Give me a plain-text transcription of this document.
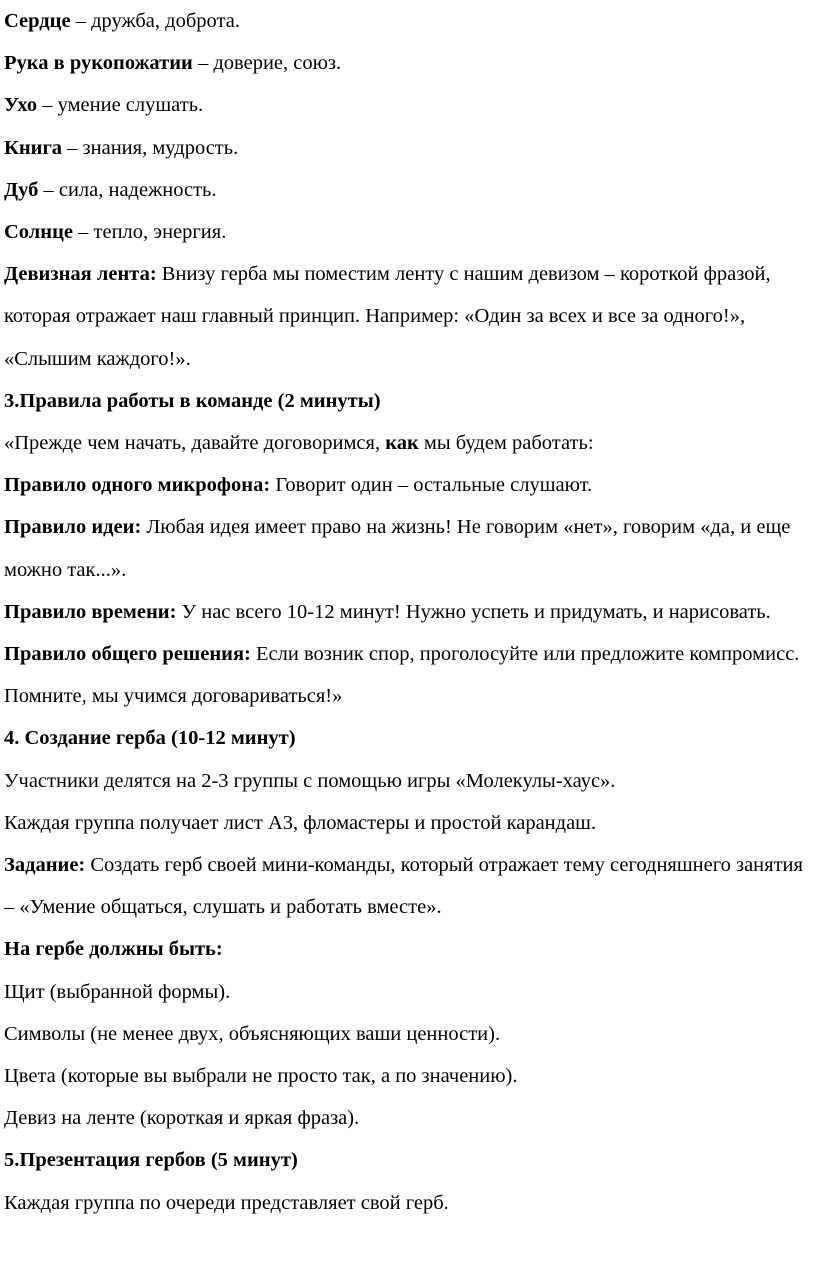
Сердце – дружба, доброта.

Рука в рукопожатии – доверие, союз.

Ухо – умение слушать.

Книга – знания, мудрость.

Дуб – сила, надежность.

Солнце – тепло, энергия.

Девизная лента: Внизу герба мы поместим ленту с нашим девизом – короткой фразой, которая отражает наш главный принцип. Например: «Один за всех и все за одного!», «Слышим каждого!».

3.Правила работы в команде (2 минуты)

«Прежде чем начать, давайте договоримся, как мы будем работать:

Правило одного микрофона: Говорит один – остальные слушают.

Правило идеи: Любая идея имеет право на жизнь! Не говорим «нет», говорим «да, и еще можно так...».

Правило времени: У нас всего 10-12 минут! Нужно успеть и придумать, и нарисовать.

Правило общего решения: Если возник спор, проголосуйте или предложите компромисс. Помните, мы учимся договариваться!»

4. Создание герба (10-12 минут)

Участники делятся на 2-3 группы с помощью игры «Молекулы-хаус».

Каждая группа получает лист А3, фломастеры и простой карандаш.

Задание: Создать герб своей мини-команды, который отражает тему сегодняшнего занятия – «Умение общаться, слушать и работать вместе».

На гербе должны быть:

Щит (выбранной формы).

Символы (не менее двух, объясняющих ваши ценности).

Цвета (которые вы выбрали не просто так, а по значению).

Девиз на ленте (короткая и яркая фраза).

5.Презентация гербов (5 минут)

Каждая группа по очереди представляет свой герб.
